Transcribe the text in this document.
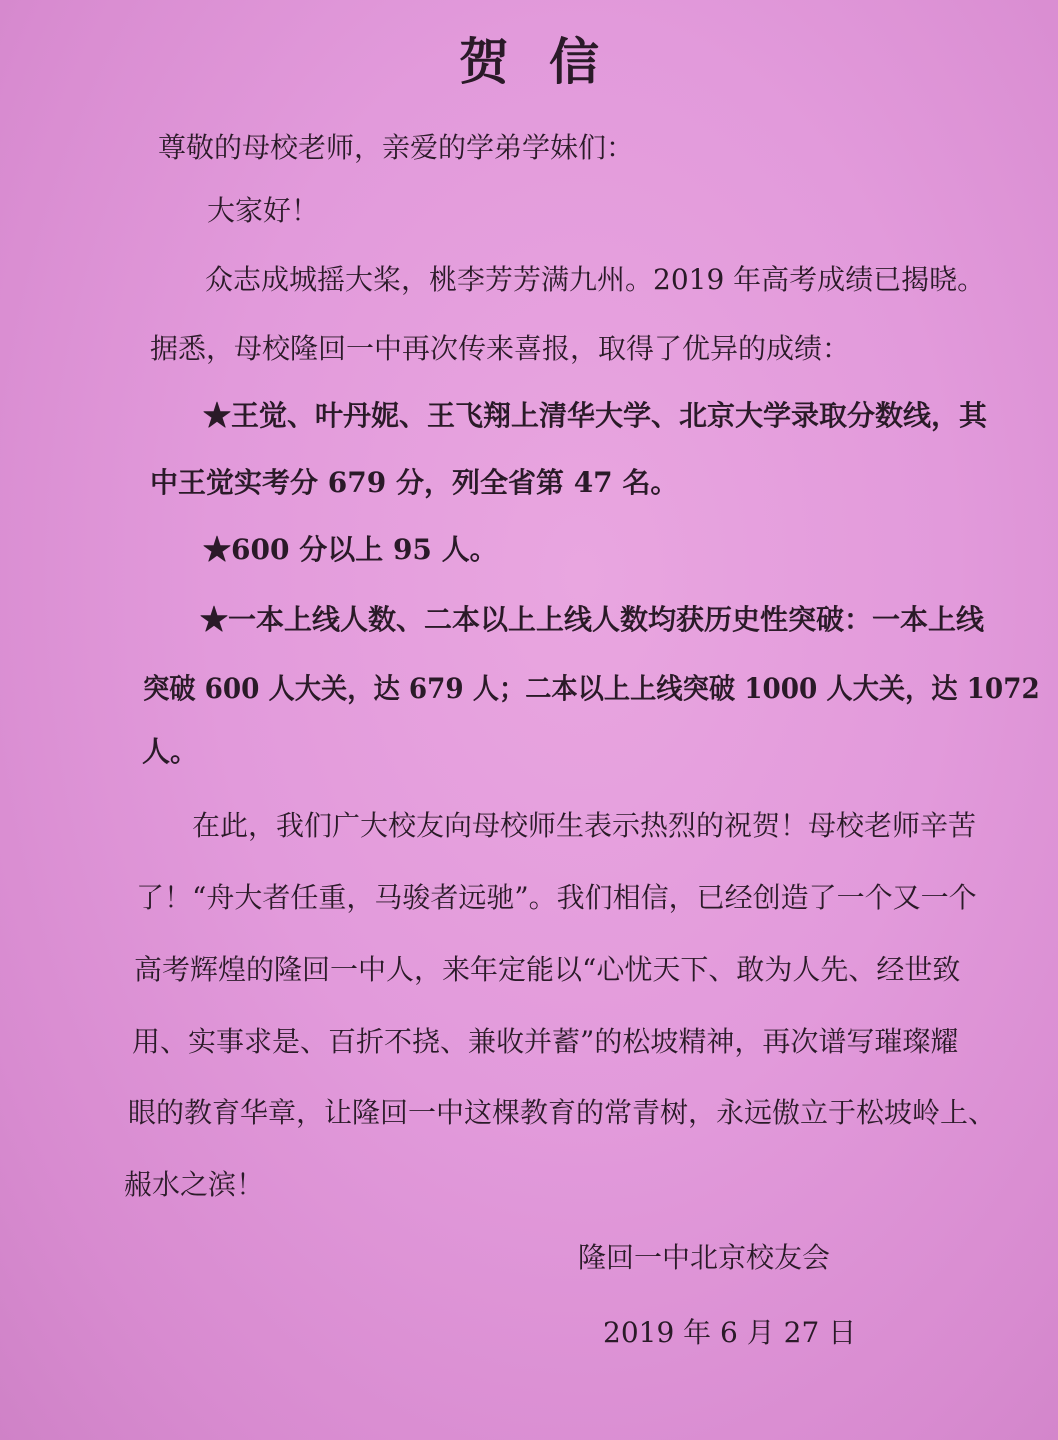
贺信
尊敬的母校老师，亲爱的学弟学妹们：
大家好！
众志成城摇大桨，桃李芳芳满九州。2019 年高考成绩已揭晓。
据悉，母校隆回一中再次传来喜报，取得了优异的成绩：
★王觉、叶丹妮、王飞翔上清华大学、北京大学录取分数线，其
中王觉实考分 679 分，列全省第 47 名。
★600 分以上 95 人。
★一本上线人数、二本以上上线人数均获历史性突破：一本上线
突破 600 人大关，达 679 人；二本以上上线突破 1000 人大关，达 1072
人。
在此，我们广大校友向母校师生表示热烈的祝贺！母校老师辛苦
了！“舟大者任重，马骏者远驰”。我们相信，已经创造了一个又一个
高考辉煌的隆回一中人，来年定能以“心忧天下、敢为人先、经世致
用、实事求是、百折不挠、兼收并蓄”的松坡精神，再次谱写璀璨耀
眼的教育华章，让隆回一中这棵教育的常青树，永远傲立于松坡岭上、
赧水之滨！
隆回一中北京校友会
2019 年 6 月 27 日
